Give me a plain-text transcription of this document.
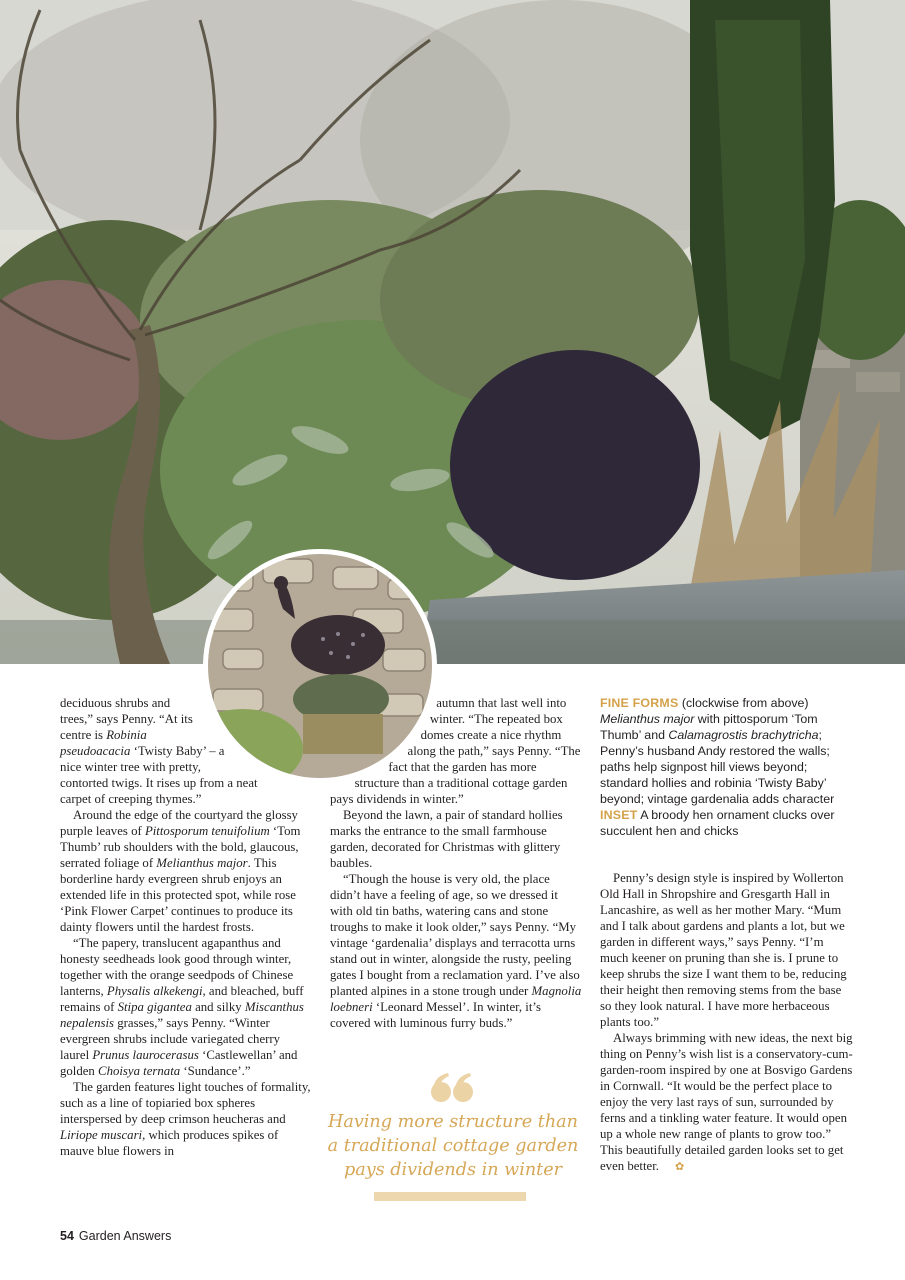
deciduous shrubs and trees,” says Penny. “At its centre is Robinia pseudoacacia ‘Twisty Baby’ – a nice winter tree with pretty, contorted twigs. It rises up from a neat carpet of creeping thymes.”

Around the edge of the courtyard the glossy purple leaves of Pittosporum tenuifolium ‘Tom Thumb’ rub shoulders with the bold, glaucous, serrated foliage of Melianthus major. This borderline hardy evergreen shrub enjoys an extended life in this protected spot, while rose ‘Pink Flower Carpet’ continues to produce its dainty flowers until the hardest frosts.

“The papery, translucent agapanthus and honesty seedheads look good through winter, together with the orange seedpods of Chinese lanterns, Physalis alkekengi, and bleached, buff remains of Stipa gigantea and silky Miscanthus nepalensis grasses,” says Penny. “Winter evergreen shrubs include variegated cherry laurel Prunus laurocerasus ‘Castlewellan’ and golden Choisya ternata ‘Sundance’.”

The garden features light touches of formality, such as a line of topiaried box spheres interspersed by deep crimson heucheras and Liriope muscari, which produces spikes of mauve blue flowers in

autumn that last well into winter. “The repeated box domes create a nice rhythm along the path,” says Penny. “The fact that the garden has more structure than a traditional cottage garden pays dividends in winter.”

Beyond the lawn, a pair of standard hollies marks the entrance to the small farmhouse garden, decorated for Christmas with glittery baubles.

“Though the house is very old, the place didn’t have a feeling of age, so we dressed it with old tin baths, watering cans and stone troughs to make it look older,” says Penny. “My vintage ‘gardenalia’ displays and terracotta urns stand out in winter, alongside the rusty, peeling gates I bought from a reclamation yard. I’ve also planted alpines in a stone trough under Magnolia loebneri ‘Leonard Messel’. In winter, it’s covered with luminous furry buds.”

Having more structure than a traditional cottage garden pays dividends in winter
FINE FORMS (clockwise from above) Melianthus major with pittosporum ‘Tom Thumb’ and Calamagrostis brachytricha; Penny’s husband Andy restored the walls; paths help signpost hill views beyond; standard hollies and robinia ‘Twisty Baby’ beyond; vintage gardenalia adds character INSET A broody hen ornament clucks over succulent hen and chicks

Penny’s design style is inspired by Wollerton Old Hall in Shropshire and Gresgarth Hall in Lancashire, as well as her mother Mary. “Mum and I talk about gardens and plants a lot, but we garden in different ways,” says Penny. “I’m much keener on pruning than she is. I prune to keep shrubs the size I want them to be, reducing their height then removing stems from the base so they look natural. I have more herbaceous plants too.”

Always brimming with new ideas, the next big thing on Penny’s wish list is a conservatory-cum-garden-room inspired by one at Bosvigo Gardens in Cornwall. “It would be the perfect place to enjoy the very last rays of sun, surrounded by ferns and a tinkling water feature. It would open up a whole new range of plants to grow too.” This beautifully detailed garden looks set to get even better. ✿

54 Garden Answers
